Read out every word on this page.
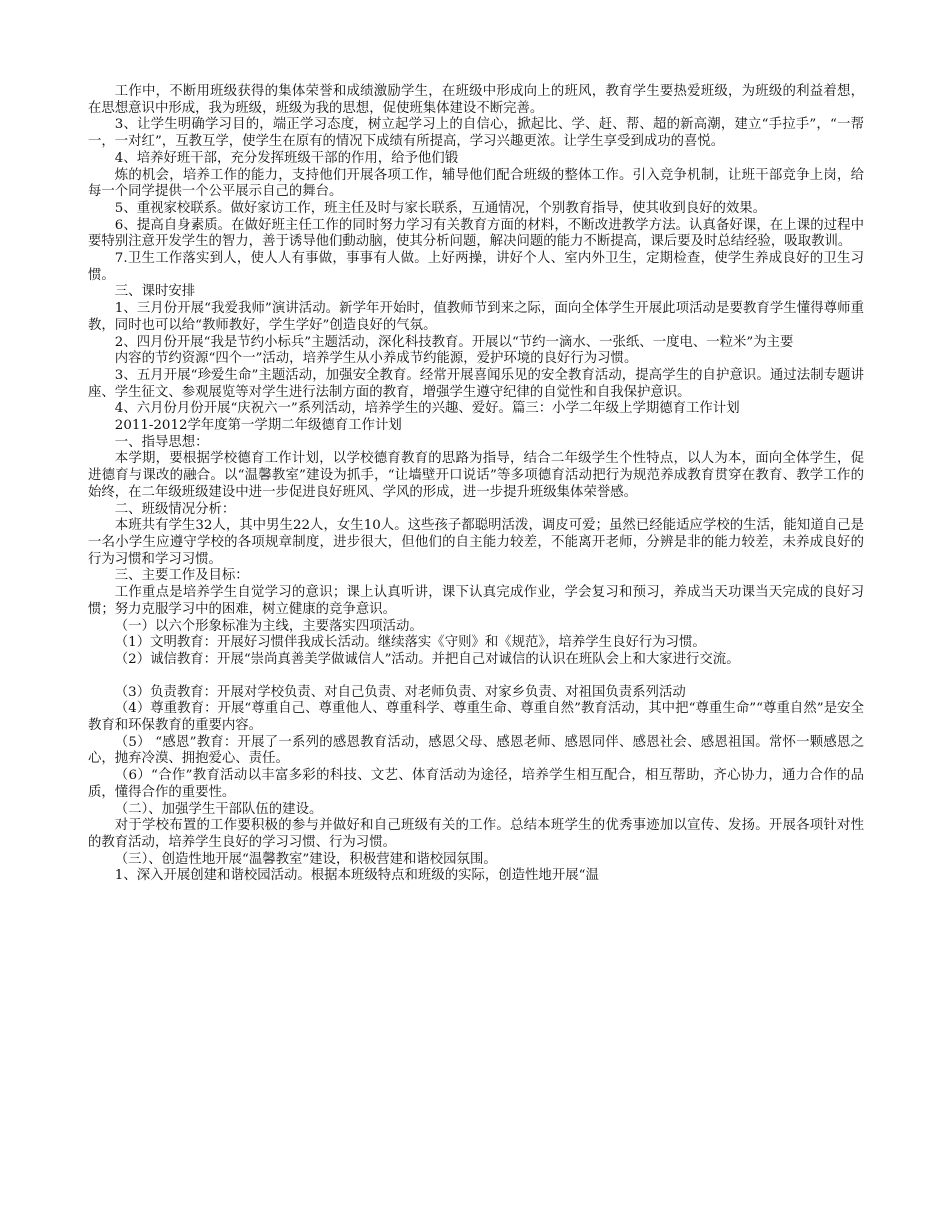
工作中，不断用班级获得的集体荣誉和成绩激励学生，在班级中形成向上的班风，教育学生要热爱班级，为班级的利益着想，在思想意识中形成，我为班级，班级为我的思想，促使班集体建设不断完善。

3、让学生明确学习目的，端正学习态度，树立起学习上的自信心，掀起比、学、赶、帮、超的新高潮，建立“手拉手”，“一帮一，一对红”，互教互学，使学生在原有的情况下成绩有所提高，学习兴趣更浓。让学生享受到成功的喜悦。

4、培养好班干部，充分发挥班级干部的作用，给予他们锻

炼的机会，培养工作的能力，支持他们开展各项工作，辅导他们配合班级的整体工作。引入竞争机制，让班干部竞争上岗，给每一个同学提供一个公平展示自己的舞台。

5、重视家校联系。做好家访工作，班主任及时与家长联系，互通情况，个别教育指导，使其收到良好的效果。

6、提高自身素质。在做好班主任工作的同时努力学习有关教育方面的材料，不断改进教学方法。认真备好课，在上课的过程中要特别注意开发学生的智力，善于诱导他们動动脑，使其分析问题，解决问题的能力不断提高，课后要及时总结经验，吸取教训。

7.卫生工作落实到人，使人人有事做，事事有人做。上好两操，讲好个人、室内外卫生，定期检查，使学生养成良好的卫生习惯。

三、课时安排

1、三月份开展“我爱我师”演讲活动。新学年开始时，值教师节到来之际，面向全体学生开展此项活动是要教育学生懂得尊师重教，同时也可以给“教师教好，学生学好”创造良好的气氛。

2、四月份开展“我是节约小标兵”主题活动，深化科技教育。开展以“节约一滴水、一张纸、一度电、一粒米”为主要

内容的节约资源“四个一”活动，培养学生从小养成节约能源，爱护环境的良好行为习惯。

3、五月开展“珍爱生命”主题活动，加强安全教育。经常开展喜闻乐见的安全教育活动，提高学生的自护意识。通过法制专题讲座、学生征文、参观展览等对学生进行法制方面的教育，增强学生遵守纪律的自觉性和自我保护意识。

4、六月份月份开展“庆祝六一”系列活动，培养学生的兴趣、爱好。篇三：小学二年级上学期德育工作计划

2011-2012学年度第一学期二年级德育工作计划

一、指导思想：

本学期，要根据学校德育工作计划，以学校德育教育的思路为指导，结合二年级学生个性特点，以人为本，面向全体学生，促进德育与课改的融合。以“温馨教室”建设为抓手，“让墙壁开口说话”等多项德育活动把行为规范养成教育贯穿在教育、教学工作的始终，在二年级班级建设中进一步促进良好班风、学风的形成，进一步提升班级集体荣誉感。

二、班级情况分析：

本班共有学生32人，其中男生22人，女生10人。这些孩子都聪明活泼，调皮可爱；虽然已经能适应学校的生活，能知道自己是一名小学生应遵守学校的各项规章制度，进步很大，但他们的自主能力较差，不能离开老师，分辨是非的能力较差，未养成良好的行为习惯和学习习惯。

三、主要工作及目标：

工作重点是培养学生自觉学习的意识；课上认真听讲，课下认真完成作业，学会复习和预习，养成当天功课当天完成的良好习惯；努力克服学习中的困难，树立健康的竞争意识。

（一）以六个形象标准为主线，主要落实四项活动。

（1）文明教育：开展好习惯伴我成长活动。继续落实《守则》和《规范》，培养学生良好行为习惯。

（2）诚信教育：开展“崇尚真善美学做诚信人”活动。并把自己对诚信的认识在班队会上和大家进行交流。

（3）负责教育：开展对学校负责、对自己负责、对老师负责、对家乡负责、对祖国负责系列活动

（4）尊重教育：开展“尊重自己、尊重他人、尊重科学、尊重生命、尊重自然”教育活动，其中把“尊重生命”“尊重自然”是安全教育和环保教育的重要内容。

（5） “感恩”教育：开展了一系列的感恩教育活动，感恩父母、感恩老师、感恩同伴、感恩社会、感恩祖国。常怀一颗感恩之心，抛弃冷漠、拥抱爱心、责任。

（6）“合作”教育活动以丰富多彩的科技、文艺、体育活动为途径，培养学生相互配合，相互帮助，齐心协力，通力合作的品质，懂得合作的重要性。

（二）、加强学生干部队伍的建设。

对于学校布置的工作要积极的参与并做好和自己班级有关的工作。总结本班学生的优秀事迹加以宣传、发扬。开展各项针对性的教育活动，培养学生良好的学习习惯、行为习惯。

（三）、创造性地开展“温馨教室”建设，积极营建和谐校园氛围。

1、深入开展创建和谐校园活动。根据本班级特点和班级的实际，创造性地开展“温
